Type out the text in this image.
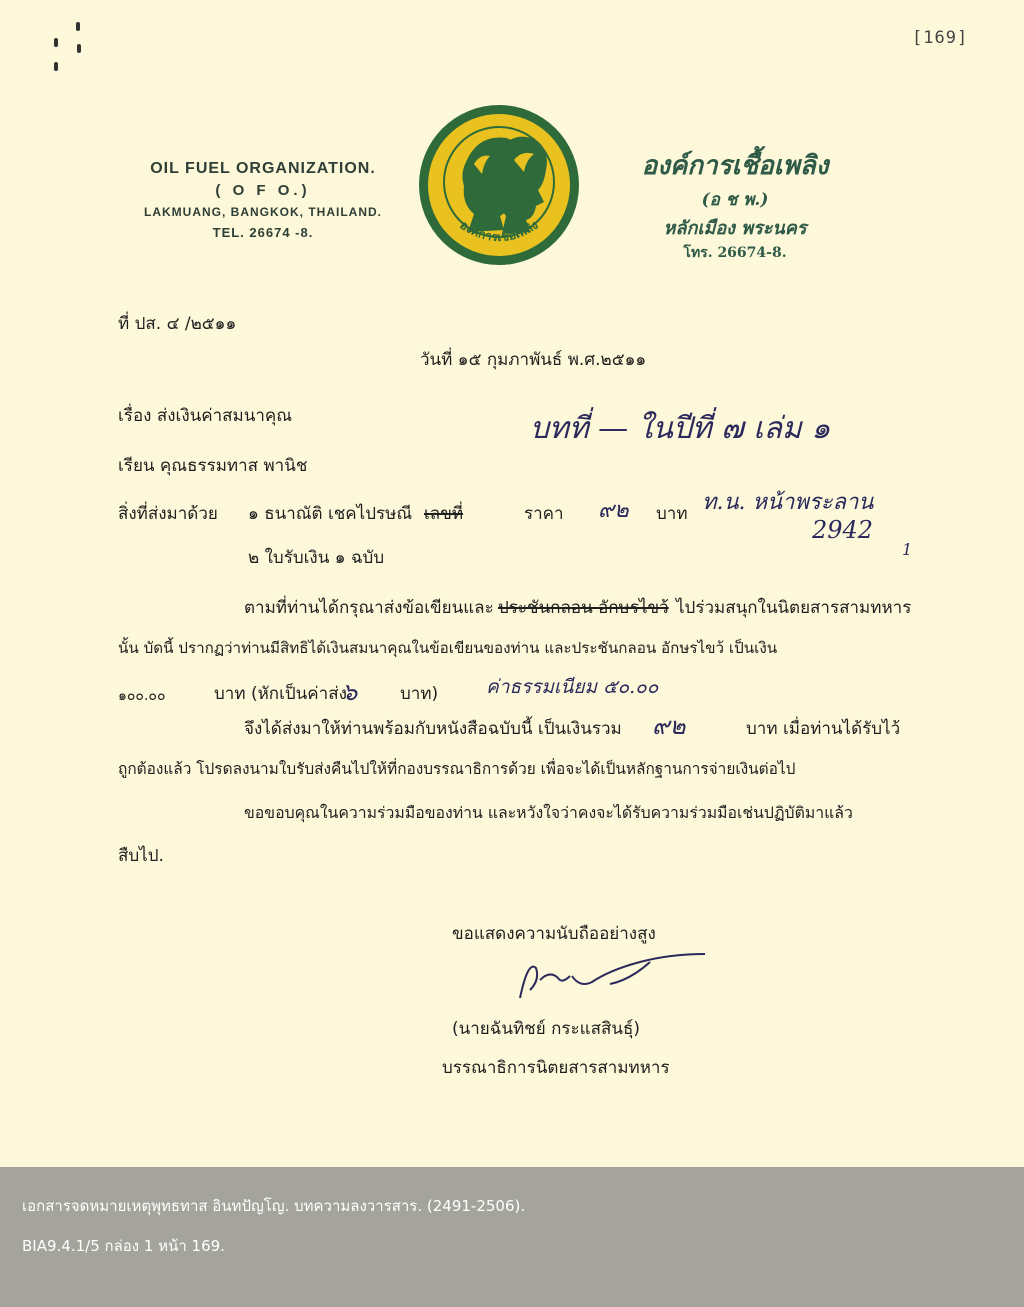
[169]
OIL FUEL ORGANIZATION.
( O F O.)
LAKMUANG, BANGKOK, THAILAND.
TEL. 26674 -8.	องค์การเชื้อเพลิง
องค์การเชื้อเพลิง
(อ ช พ.)
หลักเมือง พระนคร
โทร. 26674-8.
ที่ ปส. ๔ /๒๕๑๑
วันที่ ๑๕ กุมภาพันธ์ พ.ศ.๒๕๑๑
เรื่อง ส่งเงินค่าสมนาคุณ
เรียน คุณธรรมทาส พานิช
สิ่งที่ส่งมาด้วย ๑ ธนาณัติ เชคไปรษณี เลขที่	ราคา	บาท
๒ ใบรับเงิน ๑ ฉบับ
ตามที่ท่านได้กรุณาส่งข้อเขียนและ ประชันกลอน อักษรไขว้ ไปร่วมสนุกในนิตยสารสามทหาร
นั้น บัดนี้ ปรากฏว่าท่านมีสิทธิได้เงินสมนาคุณในข้อเขียนของท่าน และประชันกลอน อักษรไขว้ เป็นเงิน
๑๐๐.๐๐	บาท (หักเป็นค่าส่ง	บาท)
จึงได้ส่งมาให้ท่านพร้อมกับหนังสือฉบับนี้ เป็นเงินรวม	บาท เมื่อท่านได้รับไว้
ถูกต้องแล้ว โปรดลงนามใบรับส่งคืนไปให้ที่กองบรรณาธิการด้วย เพื่อจะได้เป็นหลักฐานการจ่ายเงินต่อไป
ขอขอบคุณในความร่วมมือของท่าน และหวังใจว่าคงจะได้รับความร่วมมือเช่นปฏิบัติมาแล้ว
สืบไป.
ขอแสดงความนับถืออย่างสูง
(นายฉันทิชย์ กระแสสินธุ์)
บรรณาธิการนิตยสารสามทหาร
บทที่ — ในปีที่ ๗ เล่ม ๑
๙๒	ท.น. หน้าพระลาน
2942
1
๖	ค่าธรรมเนียม ๕๐.๐๐
๙๒
เอกสารจดหมายเหตุพุทธทาส อินทปัญโญ. บทความลงวารสาร. (2491-2506).
BIA9.4.1/5 กล่อง 1 หน้า 169.
